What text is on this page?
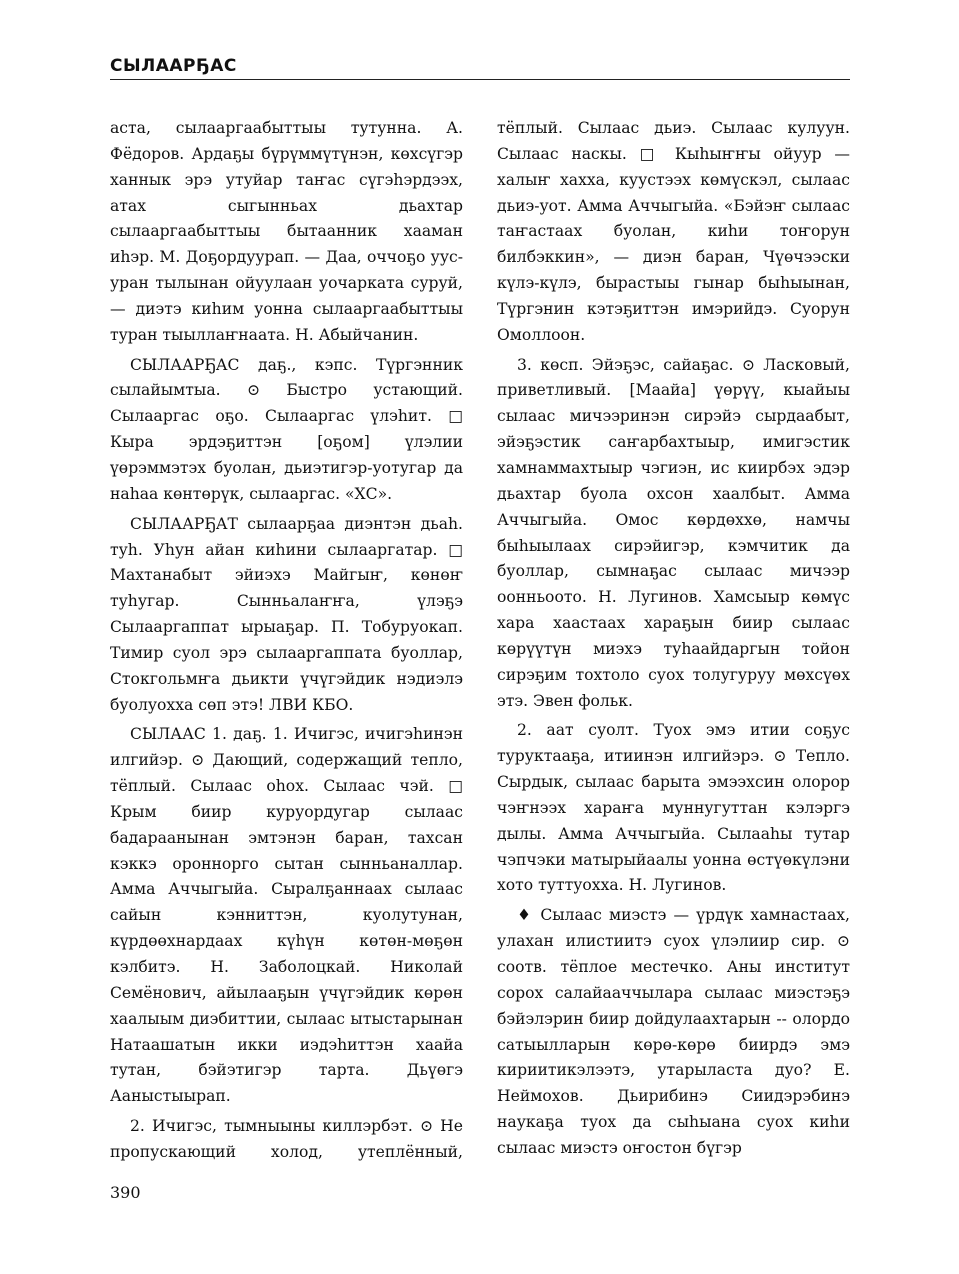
СЫЛААРҔАС

аста, сылааргаабыттыы тутунна. А. Фёдоров. Ардаҕы бүрүммүтүнэн, көхсүгэр ханнык эрэ утуйар таҥас сүгэһэрдээх, атах сыгынньах дьахтар сылааргаабыттыы бытаанник хааман иһэр. М. Доҕордуурап. — Даа, оччоҕо уус-уран тылынан ойуулаан уочарката суруй, — диэтэ киһим уонна сылааргаабыттыы туран тыыллаҥнаата. Н. Абыйчанин.

СЫЛААРҔАС даҕ., кэпс. Түргэнник сылайымтыа. ⊙ Быстро устающий. Сылааргас оҕо. Сылааргас үлэһит. □ Кыра эрдэҕиттэн [оҕом] үлэлии үөрэммэтэх буолан, дьиэтигэр-уотугар да наһаа көнтөрүк, сылааргас. «ХС».

СЫЛААРҔАТ сылаарҕаа диэнтэн дьаһ. туһ. Уһун айан киһини сылааргатар. □ Махтанабыт эйиэхэ Майгыҥ, көнөҥ туһугар. Сынньалаҥҥа, үлэҕэ Сылааргаппат ырыаҕар. П. Тобуруокап. Тимир суол эрэ сылааргаппата буоллар, Стокгольмҥа дьикти үчүгэйдик нэдиэлэ буолуохха сөп этэ! ЛВИ КБО.

СЫЛААС 1. даҕ. 1. Ичигэс, ичигэһинэн илгийэр. ⊙ Дающий, содержащий тепло, тёплый. Сылаас оһох. Сылаас чэй. □ Крым биир куруордугар сылаас бадараанынан эмтэнэн баран, тахсан кэккэ оронноргo сытан сынньаналлар. Амма Аччыгыйа. Сыралҕаннаах сылаас сайын кэнниттэн, куолутунан, күрдөөхнардаах күһүн көтөн-мөҕөн кэлбитэ. Н. Заболоцкай. Николай Семёнович, айылааҕын үчүгэйдик көрөн хаалыым диэбиттии, сылаас ытыстарынан Натаашатын икки иэдэһиттэн хаайа тутан, бэйэтигэр тарта. Дьүөгэ Ааныстыырап.

2. Ичигэс, тымныыны киллэрбэт. ⊙ Не пропускающий холод, утеплённый,

тёплый. Сылаас дьиэ. Сылаас кулуун. Сылаас наскы. □ Кыһыҥҥы ойуур — халыҥ хахха, куустээх көмүскэл, сылаас дьиэ-уот. Амма Аччыгыйа. «Бэйэҥ сылаас таҥастаах буолан, киһи тоҥорун билбэккин», — диэн баран, Чүөчээски күлэ-күлэ, бырастыы гынар быһыынан, Түргэнин кэтэҕиттэн имэрийдэ. Суорун Омоллоон.

3. көсп. Эйэҕэс, сайаҕас. ⊙ Ласковый, приветливый. [Маайа] үөрүү, кыайыы сылаас мичээринэн сирэйэ сырдаабыт, эйэҕэстик саҥарбахтыыр, имигэстик хамнаммахтыыр чэгиэн, ис киирбэх эдэр дьахтар буола охсон хаалбыт. Амма Аччыгыйа. Омос көрдөххө, намчы быһыылаах сирэйигэр, кэмчитик да буоллар, сымнаҕас сылаас мичээр оонньоото. Н. Лугинов. Хамсыыр көмүс хара хаастаах хараҕын биир сылаас көрүүтүн миэхэ туһаайдаргын тойон сирэҕим тохтоло суох толугуруу мөхсүөх этэ. Эвен фольк.

2. аат суолт. Туох эмэ итии соҕус туруктааҕа, итиинэн илгийэрэ. ⊙ Тепло. Сырдык, сылаас барыта эмээхсин олорор чэҥнээх хараҥа муннугуттан кэлэргэ дылы. Амма Аччыгыйа. Сылааһы тутар чэпчэки матырыйаалы уонна өстүөкүлэни хото туттуохха. Н. Лугинов.

♦ Сылаас миэстэ — үрдүк хамнастаах, улахан илистиитэ суох үлэлиир сир. ⊙ соотв. тёплое местечко. Аны институт сорох салайааччылара сылаас миэстэҕэ бэйэлэрин биир дойдулаахтарын -- олордо сатыылларын көрө-көрө биирдэ эмэ кириитикэлээтэ, утарыласта дуо? Е. Неймохов. Дьирибинэ Сиидэрэбинэ наукаҕа туох да сыһыана суох киһи сылаас миэстэ оҥостон бүгэр

390
